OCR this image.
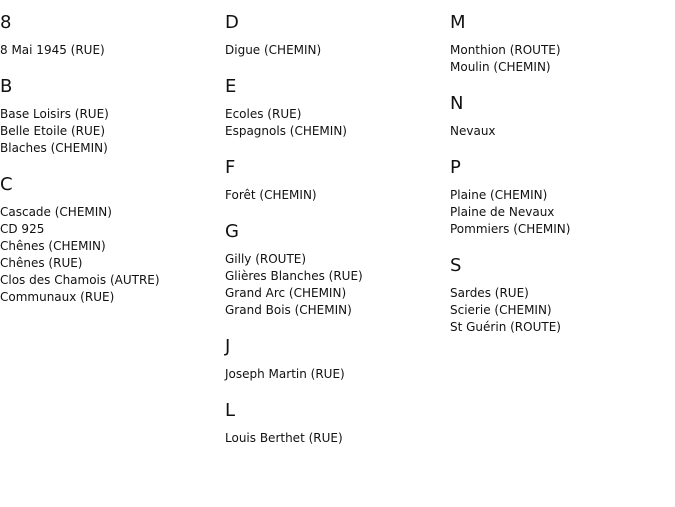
8
8 Mai 1945 (RUE)
B
Base Loisirs (RUE)
Belle Etoile (RUE)
Blaches (CHEMIN)
C
Cascade (CHEMIN)
CD 925
Chênes (CHEMIN)
Chênes (RUE)
Clos des Chamois (AUTRE)
Communaux (RUE)
D
Digue (CHEMIN)
E
Ecoles (RUE)
Espagnols (CHEMIN)
F
Forêt (CHEMIN)
G
Gilly (ROUTE)
Glières Blanches (RUE)
Grand Arc (CHEMIN)
Grand Bois (CHEMIN)
J
Joseph Martin (RUE)
L
Louis Berthet (RUE)
M
Monthion (ROUTE)
Moulin (CHEMIN)
N
Nevaux
P
Plaine (CHEMIN)
Plaine de Nevaux
Pommiers (CHEMIN)
S
Sardes (RUE)
Scierie (CHEMIN)
St Guérin (ROUTE)
